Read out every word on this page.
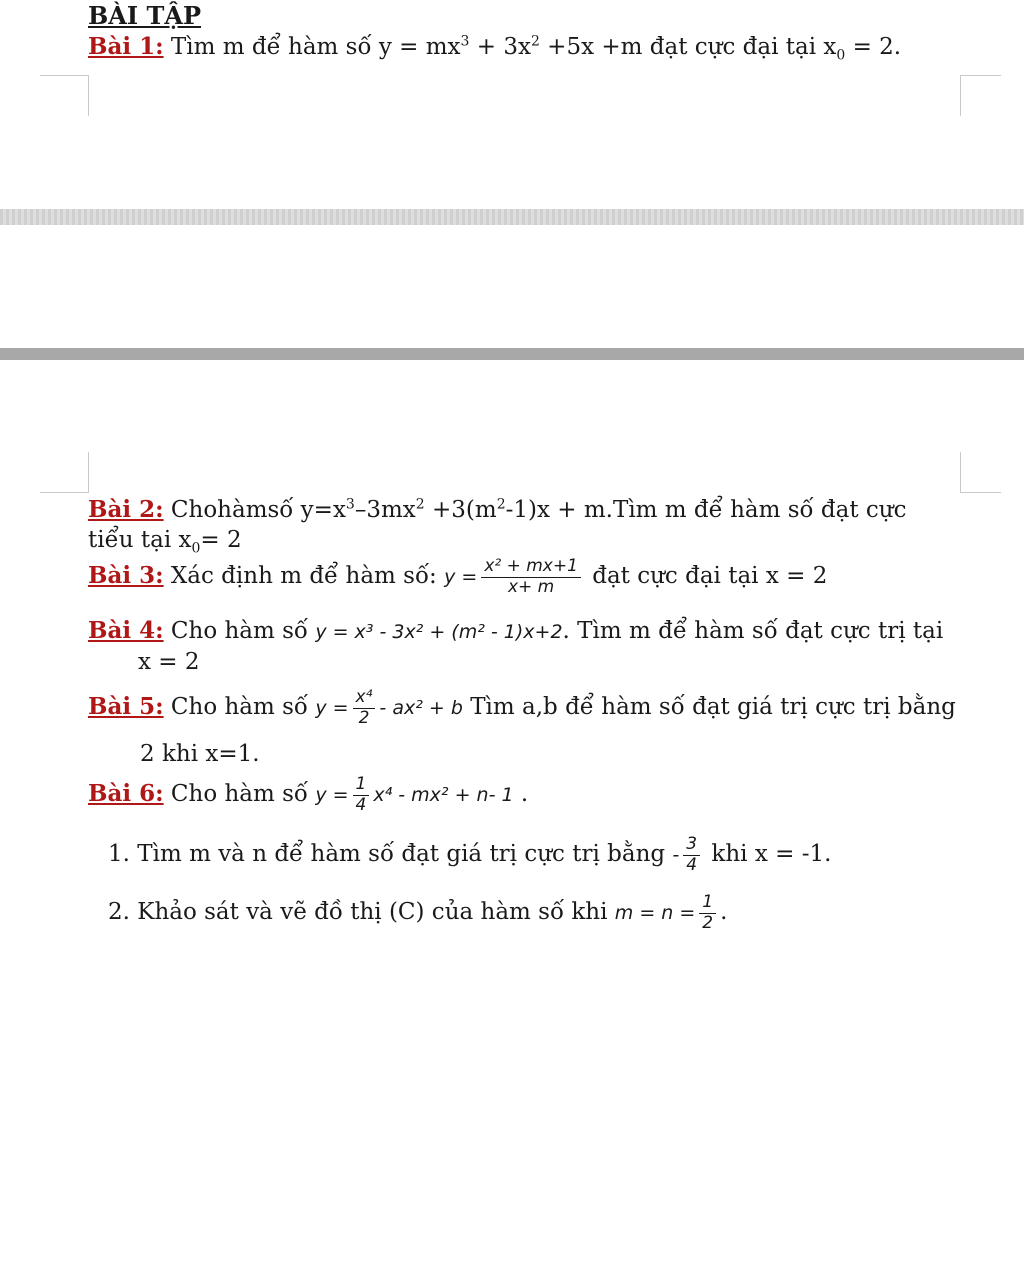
BÀI TẬP
Bài 1: Tìm m để hàm số $y = mx^3 + 3x^2 +5x +m$ đạt cực đại tại $x_0 = 2$.
Bài 2: Chohàmsố $y=x^3-3mx^2 +3(m^2-1)x$ + m.Tìm m để hàm số đạt cực
tiểu tại $x_0= 2$
Bài 3: Xác định m để hàm số: $y = \frac{\text{x² + mx+1}}{x+ m}$ đạt cực đại tại x = 2
Bài 4: Cho hàm số y = x³ - 3x² + (m² - 1)x+2. Tìm m để hàm số đạt cực trị tại
x = 2
Bài 5: Cho hàm số $y = \frac{\text{x⁴}}{2} - ax^2 + b$ Tìm a,b để hàm số đạt giá trị cực trị bằng
2 khi x=1.
Bài 6: Cho hàm số $y = \frac{1}{4} x^4 - mx^2 + n-$ 1 .
1. Tìm m và n để hàm số đạt giá trị cực trị bằng - $\frac{3}{4}$ khi x = -1.
2. Khảo sát và vẽ đồ thị (C) của hàm số khi $m = n = \frac{1}{2}$ .
